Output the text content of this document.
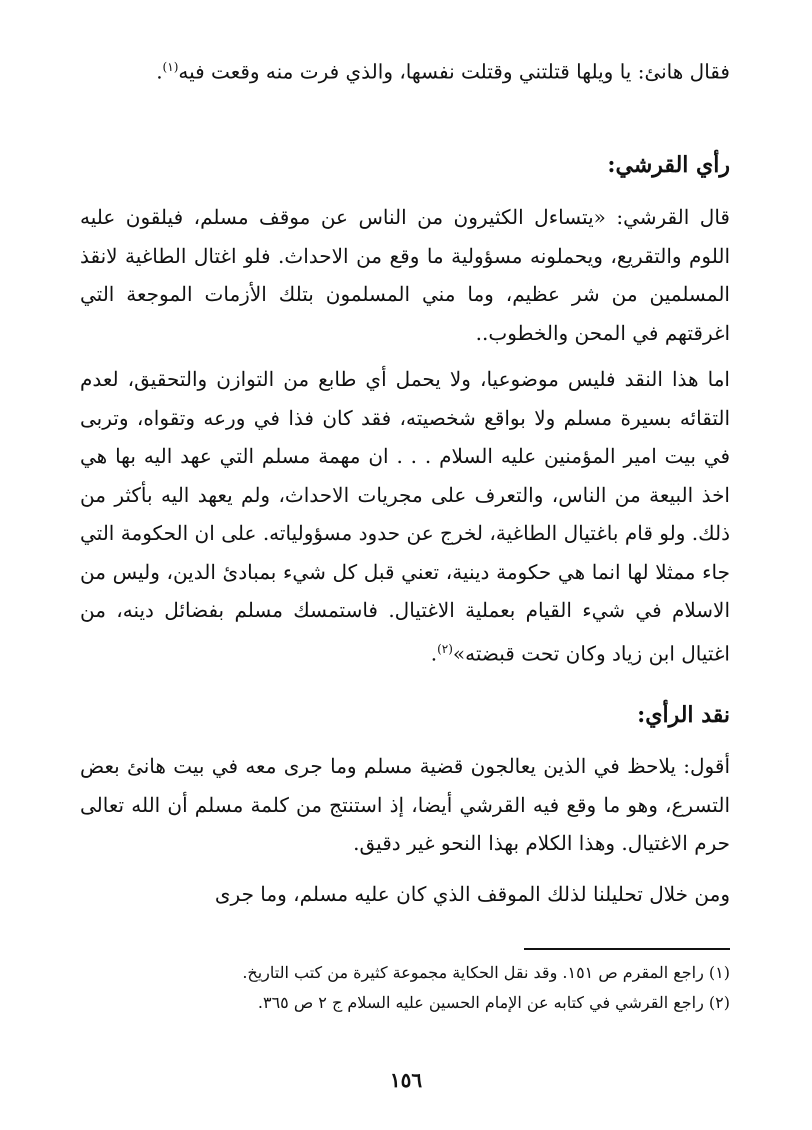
فقال هانئ: يا ويلها قتلتني وقتلت نفسها، والذي فرت منه وقعت فيه$^{(١)}$.

رأي القرشي:

قال القرشي: «يتساءل الكثيرون من الناس عن موقف مسلم، فيلقون عليه اللوم والتقريع، ويحملونه مسؤولية ما وقع من الاحداث. فلو اغتال الطاغية لانقذ المسلمين من شر عظيم، وما مني المسلمون بتلك الأزمات الموجعة التي اغرقتهم في المحن والخطوب..

اما هذا النقد فليس موضوعيا، ولا يحمل أي طابع من التوازن والتحقيق، لعدم التقائه بسيرة مسلم ولا بواقع شخصيته، فقد كان فذا في ورعه وتقواه، وتربى في بيت امير المؤمنين عليه السلام . . . ان مهمة مسلم التي عهد اليه بها هي اخذ البيعة من الناس، والتعرف على مجريات الاحداث، ولم يعهد اليه بأكثر من ذلك. ولو قام باغتيال الطاغية، لخرج عن حدود مسؤولياته. على ان الحكومة التي جاء ممثلا لها انما هي حكومة دينية، تعني قبل كل شيء بمبادئ الدين، وليس من الاسلام في شيء القيام بعملية الاغتيال. فاستمسك مسلم بفضائل دينه، من اغتيال ابن زياد وكان تحت قبضته»$^{(٢)}$.

نقد الرأي:

أقول: يلاحظ في الذين يعالجون قضية مسلم وما جرى معه في بيت هانئ بعض التسرع، وهو ما وقع فيه القرشي أيضا، إذ استنتج من كلمة مسلم أن الله تعالى حرم الاغتيال. وهذا الكلام بهذا النحو غير دقيق.

ومن خلال تحليلنا لذلك الموقف الذي كان عليه مسلم، وما جرى

(١) راجع المقرم ص ١٥١. وقد نقل الحكاية مجموعة كثيرة من كتب التاريخ.

(٢) راجع القرشي في كتابه عن الإمام الحسين عليه السلام ج ٢ ص ٣٦٥.

١٥٦
